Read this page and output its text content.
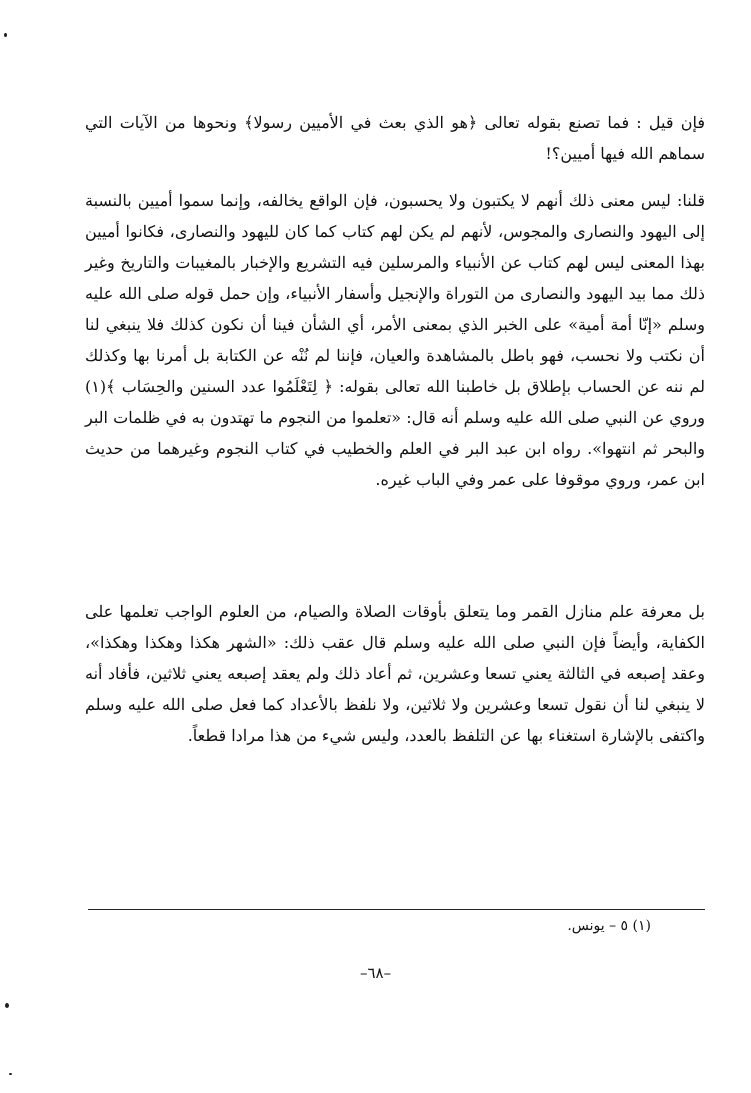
فإن قيل : فما تصنع بقوله تعالى ﴿هو الذي بعث في الأميين رسولا﴾ ونحوها من الآيات التي سماهم الله فيها أميين؟!

قلنا: ليس معنى ذلك أنهم لا يكتبون ولا يحسبون، فإن الواقع يخالفه، وإنما سموا أميين بالنسبة إلى اليهود والنصارى والمجوس، لأنهم لم يكن لهم كتاب كما كان لليهود والنصارى، فكانوا أميين بهذا المعنى ليس لهم كتاب عن الأنبياء والمرسلين فيه التشريع والإخبار بالمغيبات والتاريخ وغير ذلك مما بيد اليهود والنصارى من التوراة والإنجيل وأسفار الأنبياء، وإن حمل قوله صلى الله عليه وسلم «إنّا أمة أمية» على الخبر الذي بمعنى الأمر، أي الشأن فينا أن نكون كذلك فلا ينبغي لنا أن نكتب ولا نحسب، فهو باطل بالمشاهدة والعيان، فإننا لم نُنْه عن الكتابة بل أمرنا بها وكذلك لم ننه عن الحساب بإطلاق بل خاطبنا الله تعالى بقوله: ﴿ لِتَعْلَمُوا عدد السنين والحِسَاب ﴾(١) وروي عن النبي صلى الله عليه وسلم أنه قال: «تعلموا من النجوم ما تهتدون به في ظلمات البر والبحر ثم انتهوا». رواه ابن عبد البر في العلم والخطيب في كتاب النجوم وغيرهما من حديث ابن عمر، وروي موقوفا على عمر وفي الباب غيره.

بل معرفة علم منازل القمر وما يتعلق بأوقات الصلاة والصيام، من العلوم الواجب تعلمها على الكفاية، وأيضاً فإن النبي صلى الله عليه وسلم قال عقب ذلك: «الشهر هكذا وهكذا وهكذا»، وعقد إصبعه في الثالثة يعني تسعا وعشرين، ثم أعاد ذلك ولم يعقد إصبعه يعني ثلاثين، فأفاد أنه لا ينبغي لنا أن نقول تسعا وعشرين ولا ثلاثين، ولا نلفظ بالأعداد كما فعل صلى الله عليه وسلم واكتفى بالإشارة استغناء بها عن التلفظ بالعدد، وليس شيء من هذا مرادا قطعاً.

(١) ٥ – يونس.

–٦٨–
